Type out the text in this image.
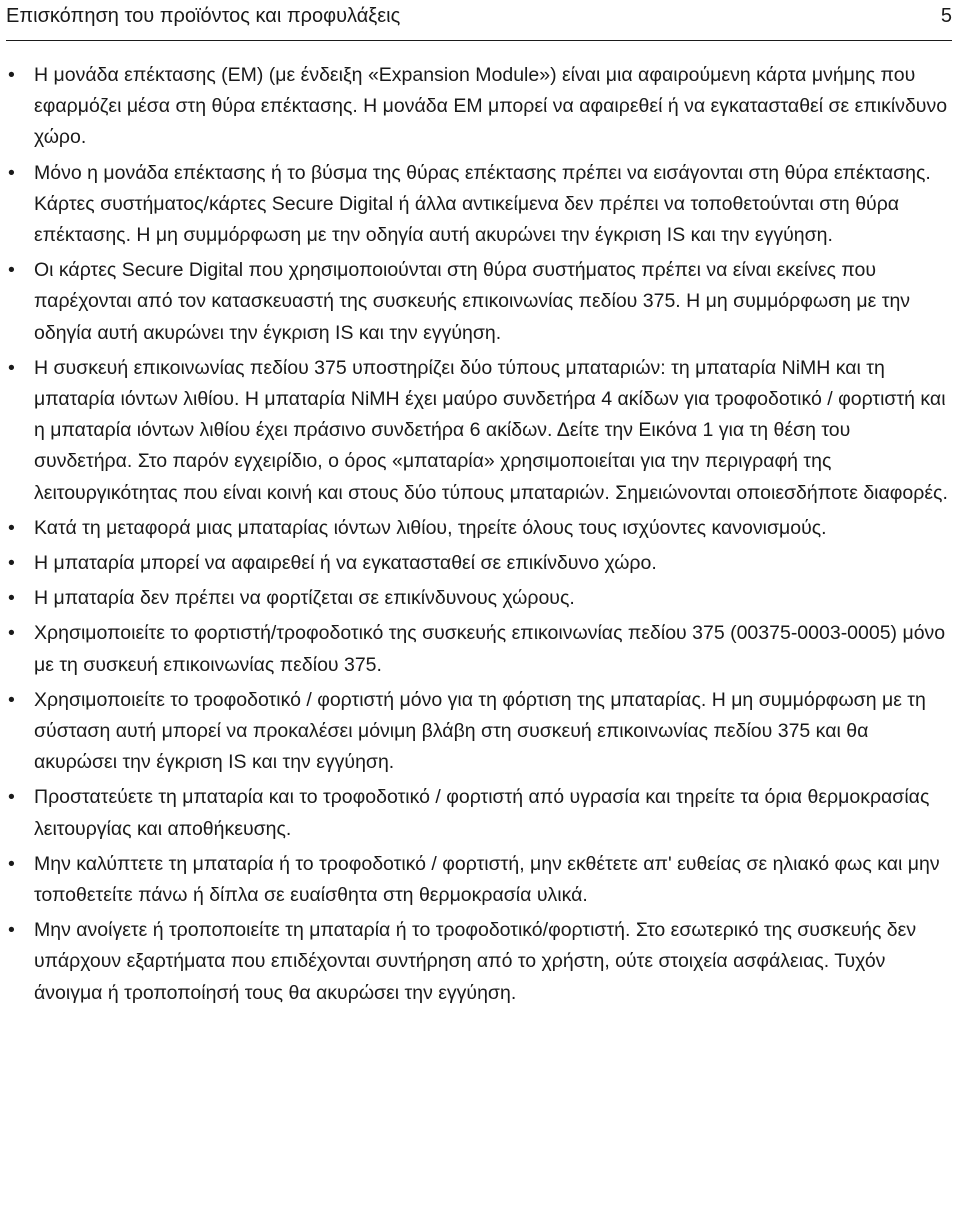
Επισκόπηση του προϊόντος και προφυλάξεις	5
• Η μονάδα επέκτασης (EM) (με ένδειξη «Expansion Module») είναι μια αφαιρούμενη κάρτα μνήμης που εφαρμόζει μέσα στη θύρα επέκτασης. Η μονάδα EM μπορεί να αφαιρεθεί ή να εγκατασταθεί σε επικίνδυνο χώρο.
• Μόνο η μονάδα επέκτασης ή το βύσμα της θύρας επέκτασης πρέπει να εισάγονται στη θύρα επέκτασης. Κάρτες συστήματος/κάρτες Secure Digital ή άλλα αντικείμενα δεν πρέπει να τοποθετούνται στη θύρα επέκτασης. Η μη συμμόρφωση με την οδηγία αυτή ακυρώνει την έγκριση IS και την εγγύηση.
• Οι κάρτες Secure Digital που χρησιμοποιούνται στη θύρα συστήματος πρέπει να είναι εκείνες που παρέχονται από τον κατασκευαστή της συσκευής επικοινωνίας πεδίου 375. Η μη συμμόρφωση με την οδηγία αυτή ακυρώνει την έγκριση IS και την εγγύηση.
• Η συσκευή επικοινωνίας πεδίου 375 υποστηρίζει δύο τύπους μπαταριών: τη μπαταρία NiMH και τη μπαταρία ιόντων λιθίου. Η μπαταρία NiMH έχει μαύρο συνδετήρα 4 ακίδων για τροφοδοτικό / φορτιστή και η μπαταρία ιόντων λιθίου έχει πράσινο συνδετήρα 6 ακίδων. Δείτε την Εικόνα 1 για τη θέση του συνδετήρα. Στο παρόν εγχειρίδιο, ο όρος «μπαταρία» χρησιμοποιείται για την περιγραφή της λειτουργικότητας που είναι κοινή και στους δύο τύπους μπαταριών. Σημειώνονται οποιεσδήποτε διαφορές.
• Κατά τη μεταφορά μιας μπαταρίας ιόντων λιθίου, τηρείτε όλους τους ισχύοντες κανονισμούς.
• Η μπαταρία μπορεί να αφαιρεθεί ή να εγκατασταθεί σε επικίνδυνο χώρο.
• Η μπαταρία δεν πρέπει να φορτίζεται σε επικίνδυνους χώρους.
• Χρησιμοποιείτε το φορτιστή/τροφοδοτικό της συσκευής επικοινωνίας πεδίου 375 (00375-0003-0005) μόνο με τη συσκευή επικοινωνίας πεδίου 375.
• Χρησιμοποιείτε το τροφοδοτικό / φορτιστή μόνο για τη φόρτιση της μπαταρίας. Η μη συμμόρφωση με τη σύσταση αυτή μπορεί να προκαλέσει μόνιμη βλάβη στη συσκευή επικοινωνίας πεδίου 375 και θα ακυρώσει την έγκριση IS και την εγγύηση.
• Προστατεύετε τη μπαταρία και το τροφοδοτικό / φορτιστή από υγρασία και τηρείτε τα όρια θερμοκρασίας λειτουργίας και αποθήκευσης.
• Μην καλύπτετε τη μπαταρία ή το τροφοδοτικό / φορτιστή, μην εκθέτετε απ' ευθείας σε ηλιακό φως και μην τοποθετείτε πάνω ή δίπλα σε ευαίσθητα στη θερμοκρασία υλικά.
• Μην ανοίγετε ή τροποποιείτε τη μπαταρία ή το τροφοδοτικό/φορτιστή. Στο εσωτερικό της συσκευής δεν υπάρχουν εξαρτήματα που επιδέχονται συντήρηση από το χρήστη, ούτε στοιχεία ασφάλειας. Τυχόν άνοιγμα ή τροποποίησή τους θα ακυρώσει την εγγύηση.
